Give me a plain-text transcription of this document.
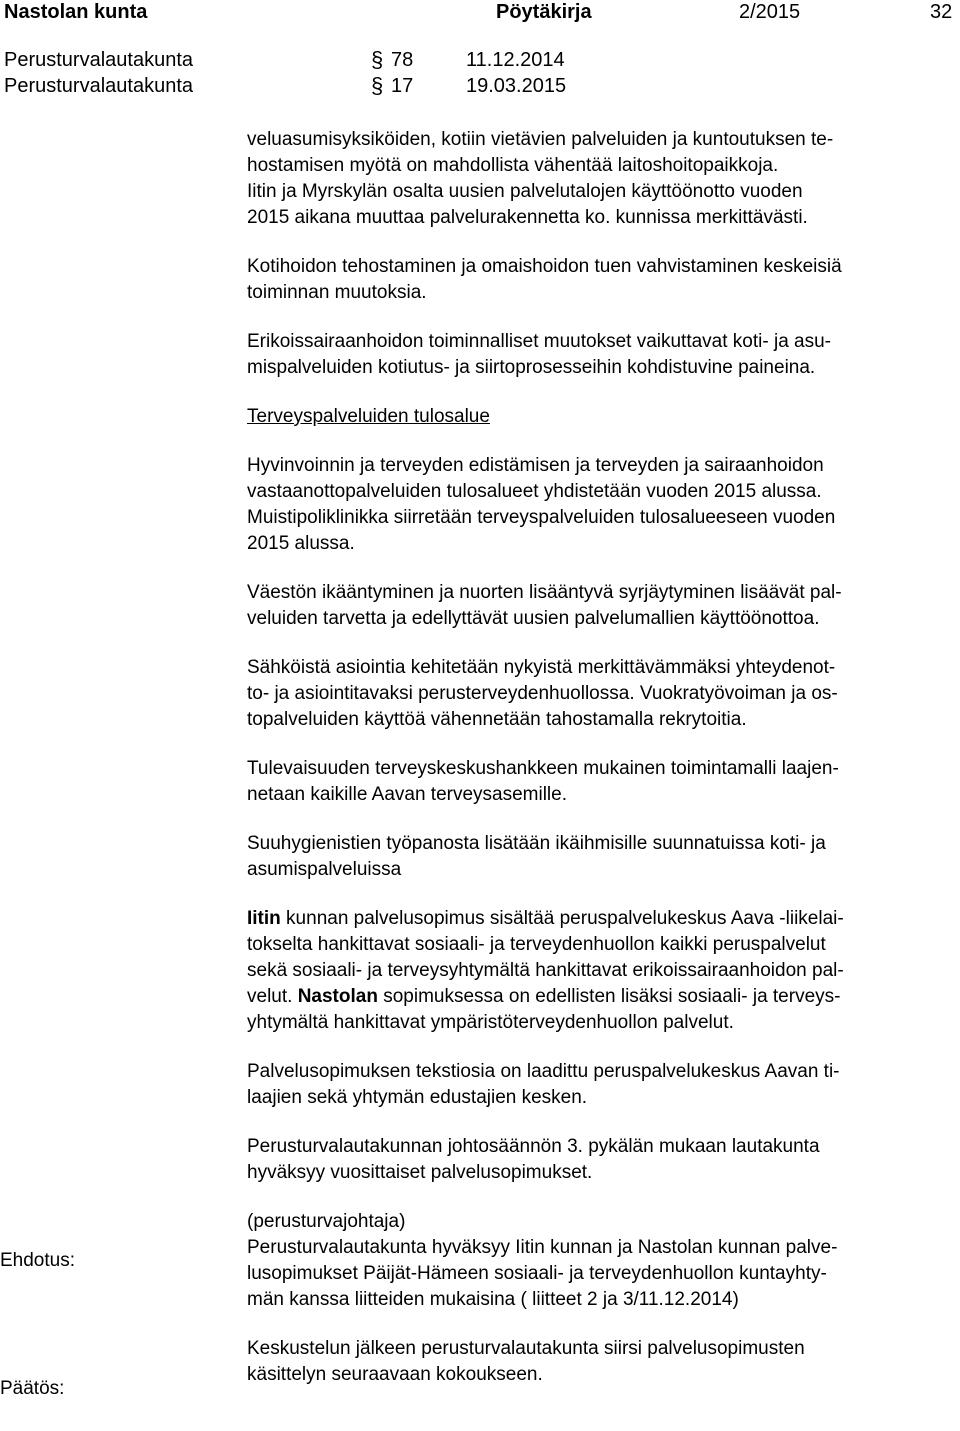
Nastolan kunta	Pöytäkirja	2/2015	32
Perusturvalautakunta	§ 78	11.12.2014
Perusturvalautakunta	§ 17	19.03.2015

veluasumisyksiköiden, kotiin vietävien palveluiden ja kuntoutuksen te-
hostamisen myötä on mahdollista vähentää laitoshoitopaikkoja.
Iitin ja Myrskylän osalta uusien palvelutalojen käyttöönotto vuoden
2015 aikana muuttaa palvelurakennetta ko. kunnissa merkittävästi.

Kotihoidon tehostaminen ja omaishoidon tuen vahvistaminen keskeisiä
toiminnan muutoksia.

Erikoissairaanhoidon toiminnalliset muutokset vaikuttavat koti- ja asu-
mispalveluiden kotiutus- ja siirtoprosesseihin kohdistuvine paineina.

Terveyspalveluiden tulosalue

Hyvinvoinnin ja terveyden edistämisen ja terveyden ja sairaanhoidon
vastaanottopalveluiden tulosalueet yhdistetään vuoden 2015 alussa.
Muistipoliklinikka siirretään terveyspalveluiden tulosalueeseen vuoden
2015 alussa.

Väestön ikääntyminen ja nuorten lisääntyvä syrjäytyminen lisäävät pal-
veluiden tarvetta ja edellyttävät uusien palvelumallien käyttöönottoa.

Sähköistä asiointia kehitetään nykyistä merkittävämmäksi yhteydenot-
to- ja asiointitavaksi perusterveydenhuollossa. Vuokratyövoiman ja os-
topalveluiden käyttöä vähennetään tahostamalla rekrytoitia.

Tulevaisuuden terveyskeskushankkeen mukainen toimintamalli laajen-
netaan kaikille Aavan terveysasemille.

Suuhygienistien työpanosta lisätään ikäihmisille suunnatuissa koti- ja
asumispalveluissa

Iitin kunnan palvelusopimus sisältää peruspalvelukeskus Aava -liikelai-
tokselta hankittavat sosiaali- ja terveydenhuollon kaikki peruspalvelut
sekä sosiaali- ja terveysyhtymältä hankittavat erikoissairaanhoidon pal-
velut. Nastolan sopimuksessa on edellisten lisäksi sosiaali- ja terveys-
yhtymältä hankittavat ympäristöterveydenhuollon palvelut.

Palvelusopimuksen tekstiosia on laadittu peruspalvelukeskus Aavan ti-
laajien sekä yhtymän edustajien kesken.

Perusturvalautakunnan johtosäännön 3. pykälän mukaan lautakunta
hyväksyy vuosittaiset palvelusopimukset.

(perusturvajohtaja)
Perusturvalautakunta hyväksyy Iitin kunnan ja Nastolan kunnan palve-
lusopimukset Päijät-Hämeen sosiaali- ja terveydenhuollon kuntayhty-
män kanssa liitteiden mukaisina ( liitteet 2 ja 3/11.12.2014)

Keskustelun jälkeen perusturvalautakunta siirsi palvelusopimusten
käsittelyn seuraavaan kokoukseen.

Ehdotus:
Päätös:
